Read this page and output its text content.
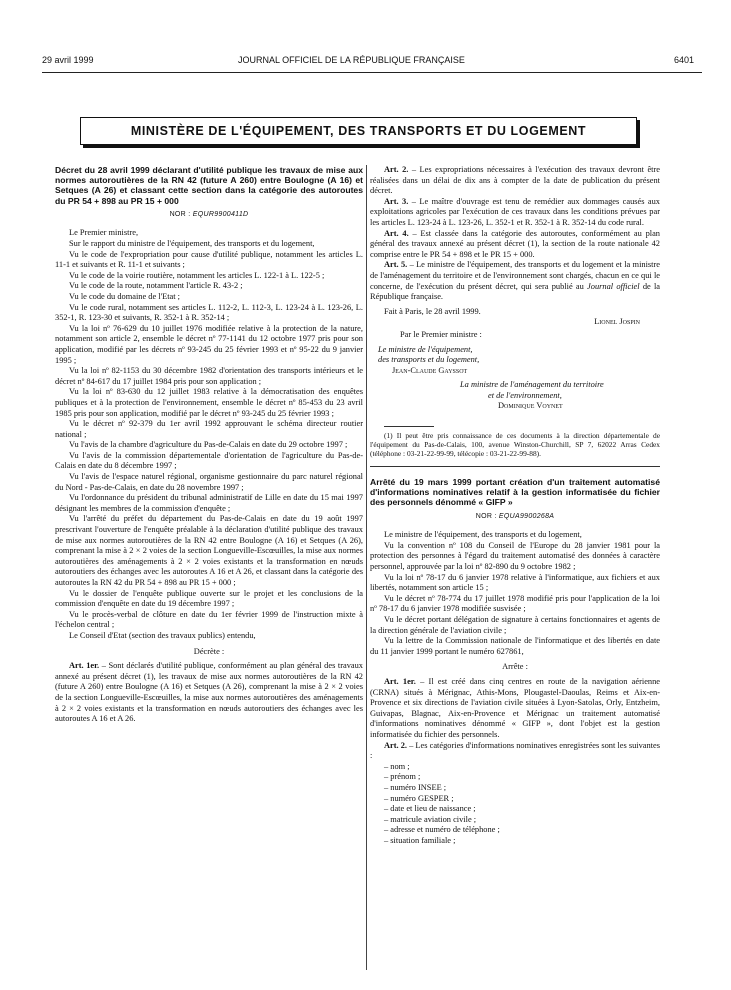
29 avril 1999	JOURNAL OFFICIEL DE LA RÉPUBLIQUE FRANÇAISE	6401
MINISTÈRE DE L'ÉQUIPEMENT, DES TRANSPORTS ET DU LOGEMENT

Décret du 28 avril 1999 déclarant d'utilité publique les travaux de mise aux normes autoroutières de la RN 42 (future A 260) entre Boulogne (A 16) et Setques (A 26) et classant cette section dans la catégorie des autoroutes du PR 54 + 898 au PR 15 + 000

NOR : EQUR9900411D

Le Premier ministre,

Sur le rapport du ministre de l'équipement, des transports et du logement,

Vu le code de l'expropriation pour cause d'utilité publique, notamment les articles L. 11-1 et suivants et R. 11-1 et suivants ;

Vu le code de la voirie routière, notamment les articles L. 122-1 à L. 122-5 ;

Vu le code de la route, notamment l'article R. 43-2 ;

Vu le code du domaine de l'Etat ;

Vu le code rural, notamment ses articles L. 112-2, L. 112-3, L. 123-24 à L. 123-26, L. 352-1, R. 123-30 et suivants, R. 352-1 à R. 352-14 ;

Vu la loi nº 76-629 du 10 juillet 1976 modifiée relative à la protection de la nature, notamment son article 2, ensemble le décret nº 77-1141 du 12 octobre 1977 pris pour son application, modifié par les décrets nº 93-245 du 25 février 1993 et nº 95-22 du 9 janvier 1995 ;

Vu la loi nº 82-1153 du 30 décembre 1982 d'orientation des transports intérieurs et le décret nº 84-617 du 17 juillet 1984 pris pour son application ;

Vu la loi nº 83-630 du 12 juillet 1983 relative à la démocratisation des enquêtes publiques et à la protection de l'environnement, ensemble le décret nº 85-453 du 23 avril 1985 pris pour son application, modifié par le décret nº 93-245 du 25 février 1993 ;

Vu le décret nº 92-379 du 1er avril 1992 approuvant le schéma directeur routier national ;

Vu l'avis de la chambre d'agriculture du Pas-de-Calais en date du 29 octobre 1997 ;

Vu l'avis de la commission départementale d'orientation de l'agriculture du Pas-de-Calais en date du 8 décembre 1997 ;

Vu l'avis de l'espace naturel régional, organisme gestionnaire du parc naturel régional du Nord - Pas-de-Calais, en date du 28 novembre 1997 ;

Vu l'ordonnance du président du tribunal administratif de Lille en date du 15 mai 1997 désignant les membres de la commission d'enquête ;

Vu l'arrêté du préfet du département du Pas-de-Calais en date du 19 août 1997 prescrivant l'ouverture de l'enquête préalable à la déclaration d'utilité publique des travaux de mise aux normes autoroutières de la RN 42 entre Boulogne (A 16) et Setques (A 26), comprenant la mise à 2 × 2 voies de la section Longueville-Escœuilles, la mise aux normes autoroutières des aménagements à 2 × 2 voies existants et la transformation en nœuds autoroutiers des échanges avec les autoroutes A 16 et A 26, et classant dans la catégorie des autoroutes la RN 42 du PR 54 + 898 au PR 15 + 000 ;

Vu le dossier de l'enquête publique ouverte sur le projet et les conclusions de la commission d'enquête en date du 19 décembre 1997 ;

Vu le procès-verbal de clôture en date du 1er février 1999 de l'instruction mixte à l'échelon central ;

Le Conseil d'Etat (section des travaux publics) entendu,

Décrète :

Art. 1er. – Sont déclarés d'utilité publique, conformément au plan général des travaux annexé au présent décret (1), les travaux de mise aux normes autoroutières de la RN 42 (future A 260) entre Boulogne (A 16) et Setques (A 26), comprenant la mise à 2 × 2 voies de la section Longueville-Escœuilles, la mise aux normes autoroutières des aménagements à 2 × 2 voies existants et la transformation en nœuds autoroutiers des échanges avec les autoroutes A 16 et A 26.

Art. 2. – Les expropriations nécessaires à l'exécution des travaux devront être réalisées dans un délai de dix ans à compter de la date de publication du présent décret.

Art. 3. – Le maître d'ouvrage est tenu de remédier aux dommages causés aux exploitations agricoles par l'exécution de ces travaux dans les conditions prévues par les articles L. 123-24 à L. 123-26, L. 352-1 et R. 352-1 à R. 352-14 du code rural.

Art. 4. – Est classée dans la catégorie des autoroutes, conformément au plan général des travaux annexé au présent décret (1), la section de la route nationale 42 comprise entre le PR 54 + 898 et le PR 15 + 000.

Art. 5. – Le ministre de l'équipement, des transports et du logement et la ministre de l'aménagement du territoire et de l'environnement sont chargés, chacun en ce qui le concerne, de l'exécution du présent décret, qui sera publié au Journal officiel de la République française.

Fait à Paris, le 28 avril 1999.

Lionel Jospin

Par le Premier ministre :

Le ministre de l'équipement,

des transports et du logement,

Jean-Claude Gayssot

La ministre de l'aménagement du territoire

et de l'environnement,

Dominique Voynet

(1) Il peut être pris connaissance de ces documents à la direction départementale de l'équipement du Pas-de-Calais, 100, avenue Winston-Churchill, SP 7, 62022 Arras Cedex (téléphone : 03-21-22-99-99, télécopie : 03-21-22-99-88).

Arrêté du 19 mars 1999 portant création d'un traitement automatisé d'informations nominatives relatif à la gestion informatisée du fichier des personnels dénommé « GIFP »

NOR : EQUA9900268A

Le ministre de l'équipement, des transports et du logement,

Vu la convention nº 108 du Conseil de l'Europe du 28 janvier 1981 pour la protection des personnes à l'égard du traitement automatisé des données à caractère personnel, approuvée par la loi nº 82-890 du 9 octobre 1982 ;

Vu la loi nº 78-17 du 6 janvier 1978 relative à l'informatique, aux fichiers et aux libertés, notamment son article 15 ;

Vu le décret nº 78-774 du 17 juillet 1978 modifié pris pour l'application de la loi nº 78-17 du 6 janvier 1978 modifiée susvisée ;

Vu le décret portant délégation de signature à certains fonctionnaires et agents de la direction générale de l'aviation civile ;

Vu la lettre de la Commission nationale de l'informatique et des libertés en date du 11 janvier 1999 portant le numéro 627861,

Arrête :

Art. 1er. – Il est créé dans cinq centres en route de la navigation aérienne (CRNA) situés à Mérignac, Athis-Mons, Plougastel-Daoulas, Reims et Aix-en-Provence et six directions de l'aviation civile situées à Lyon-Satolas, Orly, Entzheim, Guivapas, Blagnac, Aix-en-Provence et Mérignac un traitement automatisé d'informations nominatives dénommé « GIFP », dont l'objet est la gestion informatisée du fichier des personnels.

Art. 2. – Les catégories d'informations nominatives enregistrées sont les suivantes :

– nom ;
– prénom ;
– numéro INSEE ;
– numéro GESPER ;
– date et lieu de naissance ;
– matricule aviation civile ;
– adresse et numéro de téléphone ;
– situation familiale ;
